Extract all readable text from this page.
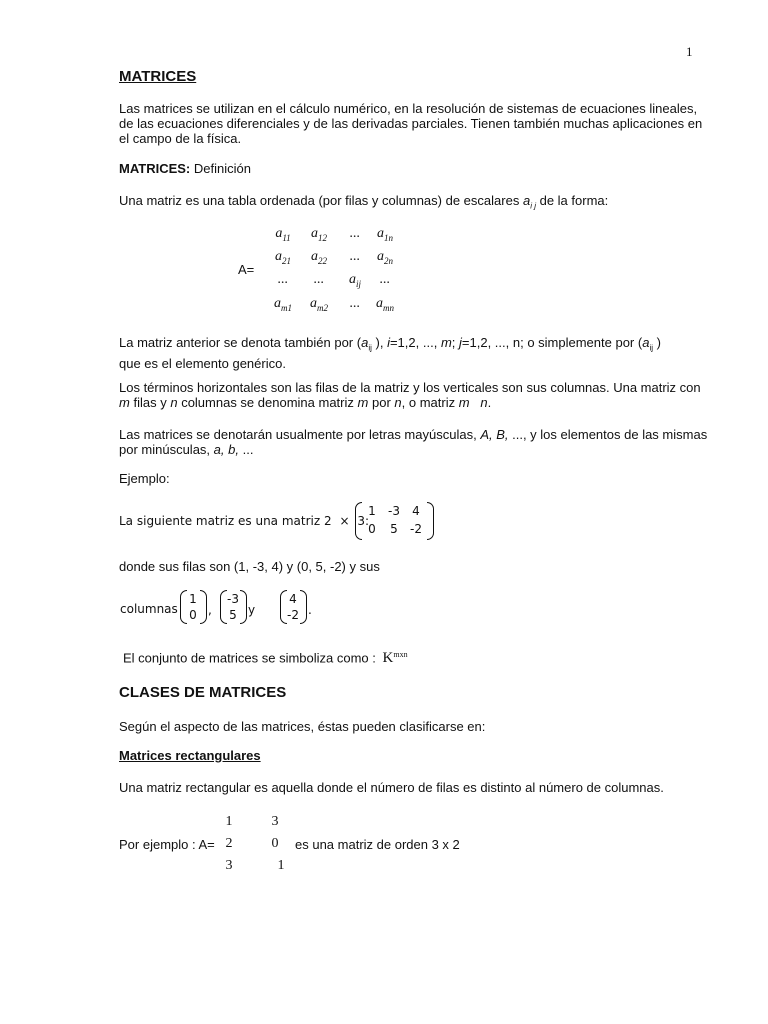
1
MATRICES

Las matrices se utilizan en el cálculo numérico, en la resolución de sistemas de ecuaciones lineales, de las ecuaciones diferenciales y de las derivadas parciales. Tienen también muchas aplicaciones en el campo de la física.

MATRICES: Definición
Una matriz es una tabla ordenada (por filas y columnas) de escalares $a_{i j}$ de la forma:
A=
$a_{11}$	$a_{12}$	...	$a_{1n}$
$a_{21}$	$a_{22}$	...	$a_{2n}$
...	...	$a_{ij}$	...
$a_{m1}$	$a_{m2}$	...	$a_{mn}$
La matriz anterior se denota también por ($a_{ij}$ ), i=1,2, ..., m; j=1,2, ..., n; o simplemente por ($a_{ij}$ )
que es el elemento genérico.
Los términos horizontales son las filas de la matriz y los verticales son sus columnas. Una matriz con m filas y n columnas se denomina matriz m por n, o matriz m n.
Las matrices se denotarán usualmente por letras mayúsculas, A, B, ..., y los elementos de las mismas por minúsculas, a, b, ...
Ejemplo:
La siguiente matriz es una matriz 2 × 3:
1	-3	4
0	5	-2
donde sus filas son (1, -3, 4) y (0, 5, -2) y sus
columnas
1
0 ,
-3
5 y
4
-2 .
El conjunto de matrices se simboliza como : $K^{mxn}$
CLASES DE MATRICES
Según el aspecto de las matrices, éstas pueden clasificarse en:
Matrices rectangulares
Una matriz rectangular es aquella donde el número de filas es distinto al número de columnas.
Por ejemplo : A=
1	3
2	0
3	1
es una matriz de orden 3 x 2
